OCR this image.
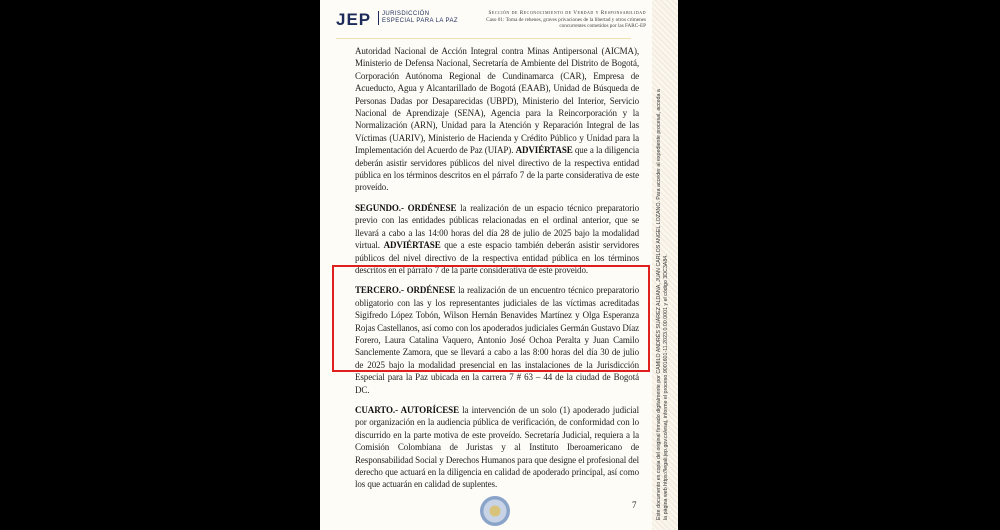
JEP JURISDICCIÓN
ESPECIAL PARA LA PAZ
Sección de Reconocimiento de Verdad y Responsabilidad
Caso 01: Toma de rehenes, graves privaciones de la libertad y otros crímenes
concurrentes cometidos por las FARC-EP

Autoridad Nacional de Acción Integral contra Minas Antipersonal (AICMA), Ministerio de Defensa Nacional, Secretaría de Ambiente del Distrito de Bogotá, Corporación Autónoma Regional de Cundinamarca (CAR), Empresa de Acueducto, Agua y Alcantarillado de Bogotá (EAAB), Unidad de Búsqueda de Personas Dadas por Desaparecidas (UBPD), Ministerio del Interior, Servicio Nacional de Aprendizaje (SENA), Agencia para la Reincorporación y la Normalización (ARN), Unidad para la Atención y Reparación Integral de las Víctimas (UARIV), Ministerio de Hacienda y Crédito Público y Unidad para la Implementación del Acuerdo de Paz (UIAP). ADVIÉRTASE que a la diligencia deberán asistir servidores públicos del nivel directivo de la respectiva entidad pública en los términos descritos en el párrafo 7 de la parte considerativa de este proveído.

SEGUNDO.- ORDÉNESE la realización de un espacio técnico preparatorio previo con las entidades públicas relacionadas en el ordinal anterior, que se llevará a cabo a las 14:00 horas del día 28 de julio de 2025 bajo la modalidad virtual. ADVIÉRTASE que a este espacio también deberán asistir servidores públicos del nivel directivo de la respectiva entidad pública en los términos descritos en el párrafo 7 de la parte considerativa de este proveído.

TERCERO.- ORDÉNESE la realización de un encuentro técnico preparatorio obligatorio con las y los representantes judiciales de las víctimas acreditadas Sigifredo López Tobón, Wilson Hernán Benavides Martínez y Olga Esperanza Rojas Castellanos, así como con los apoderados judiciales Germán Gustavo Díaz Forero, Laura Catalina Vaquero, Antonio José Ochoa Peralta y Juan Camilo Sanclemente Zamora, que se llevará a cabo a las 8:00 horas del día 30 de julio de 2025 bajo la modalidad presencial en las instalaciones de la Jurisdicción Especial para la Paz ubicada en la carrera 7 # 63 – 44 de la ciudad de Bogotá DC.

CUARTO.- AUTORÍCESE la intervención de un solo (1) apoderado judicial por organización en la audiencia pública de verificación, de conformidad con lo discurrido en la parte motiva de este proveído. Secretaría Judicial, requiera a la Comisión Colombiana de Juristas y al Instituto Iberoamericano de Responsabilidad Social y Derechos Humanos para que designe el profesional del derecho que actuará en la diligencia en calidad de apoderado principal, así como los que actuarán en calidad de suplentes.

7	Este documento es copia del original firmado digitalmente por CAMILO ANDRÉS SUÁREZ ALDANA, JUAN CARLOS ANGEL LOZANO. Para acceder al expediente procesal, acceda a la página web https://legali.jep.gov.co/esaj, informe el proceso 9001601-11.2023.0.00.0001 y el código 3DC3A84.
